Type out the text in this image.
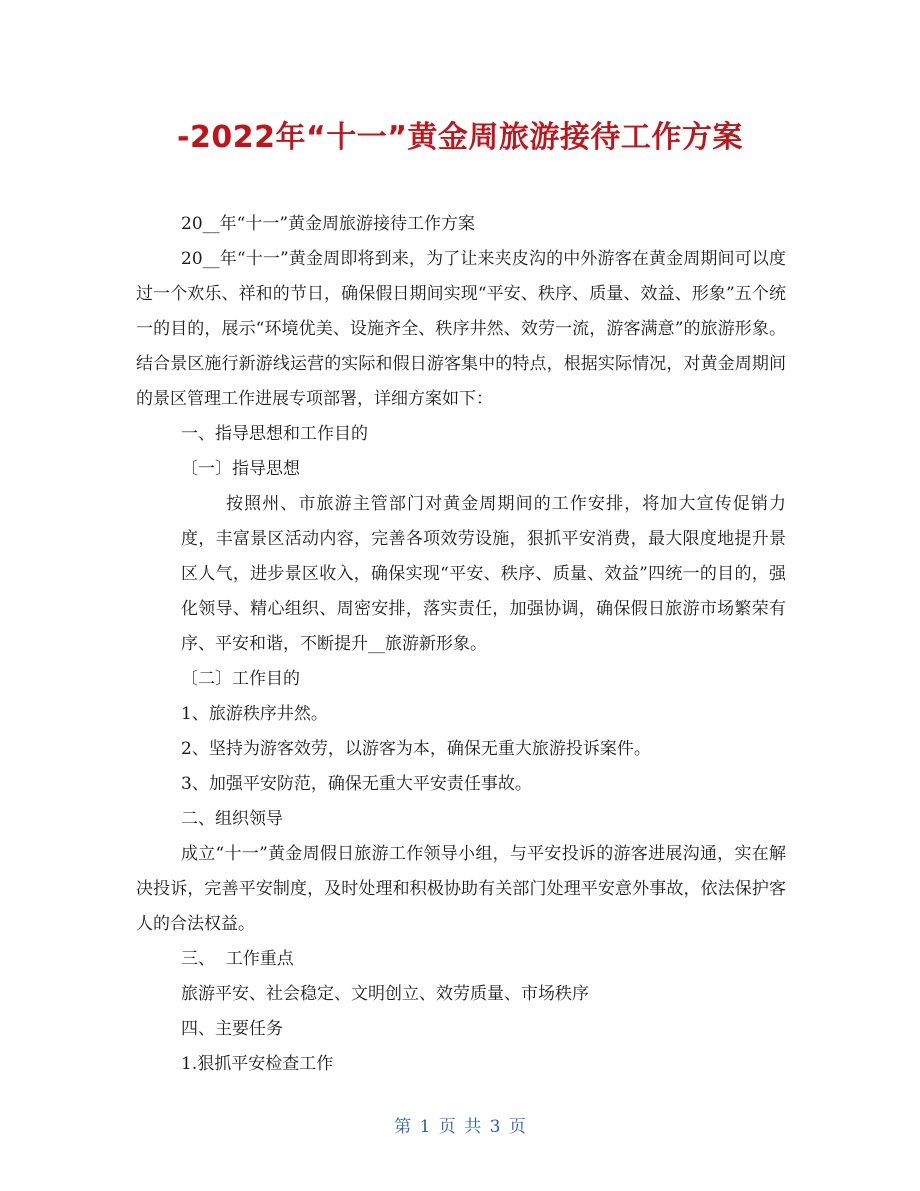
-2022年“十一”黄金周旅游接待工作方案

20__年“十一”黄金周旅游接待工作方案

20__年“十一”黄金周即将到来，为了让来夹皮沟的中外游客在黄金周期间可以度过一个欢乐、祥和的节日，确保假日期间实现“平安、秩序、质量、效益、形象”五个统一的目的，展示“环境优美、设施齐全、秩序井然、效劳一流，游客满意”的旅游形象。结合景区施行新游线运营的实际和假日游客集中的特点，根据实际情况，对黄金周期间的景区管理工作进展专项部署，详细方案如下：

一、指导思想和工作目的

〔一〕指导思想

按照州、市旅游主管部门对黄金周期间的工作安排，将加大宣传促销力度，丰富景区活动内容，完善各项效劳设施，狠抓平安消费，最大限度地提升景区人气，进步景区收入，确保实现“平安、秩序、质量、效益”四统一的目的，强化领导、精心组织、周密安排，落实责任，加强协调，确保假日旅游市场繁荣有序、平安和谐，不断提升__旅游新形象。

〔二〕工作目的

1、旅游秩序井然。

2、坚持为游客效劳，以游客为本，确保无重大旅游投诉案件。

3、加强平安防范，确保无重大平安责任事故。

二、组织领导

成立“十一”黄金周假日旅游工作领导小组，与平安投诉的游客进展沟通，实在解决投诉，完善平安制度，及时处理和积极协助有关部门处理平安意外事故，依法保护客人的合法权益。

三、  工作重点

旅游平安、社会稳定、文明创立、效劳质量、市场秩序

四、主要任务

1.狠抓平安检查工作

第 1 页 共 3 页
